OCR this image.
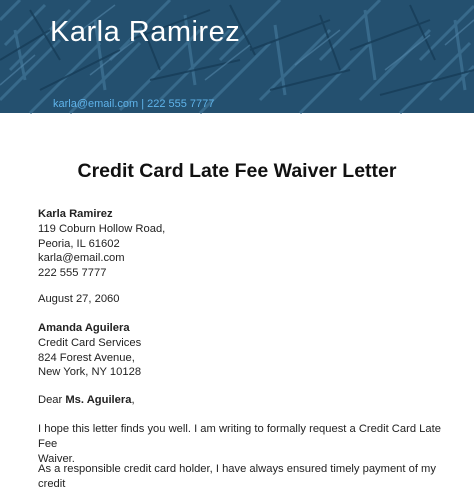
Karla Ramirez
karla@email.com | 222 555 7777
Credit Card Late Fee Waiver Letter
Karla Ramirez
119 Coburn Hollow Road,
Peoria, IL 61602
karla@email.com
222 555 7777
August 27, 2060
Amanda Aguilera
Credit Card Services
824 Forest Avenue,
New York, NY 10128
Dear Ms. Aguilera,
I hope this letter finds you well. I am writing to formally request a Credit Card Late Fee
Waiver.
As a responsible credit card holder, I have always ensured timely payment of my credit
